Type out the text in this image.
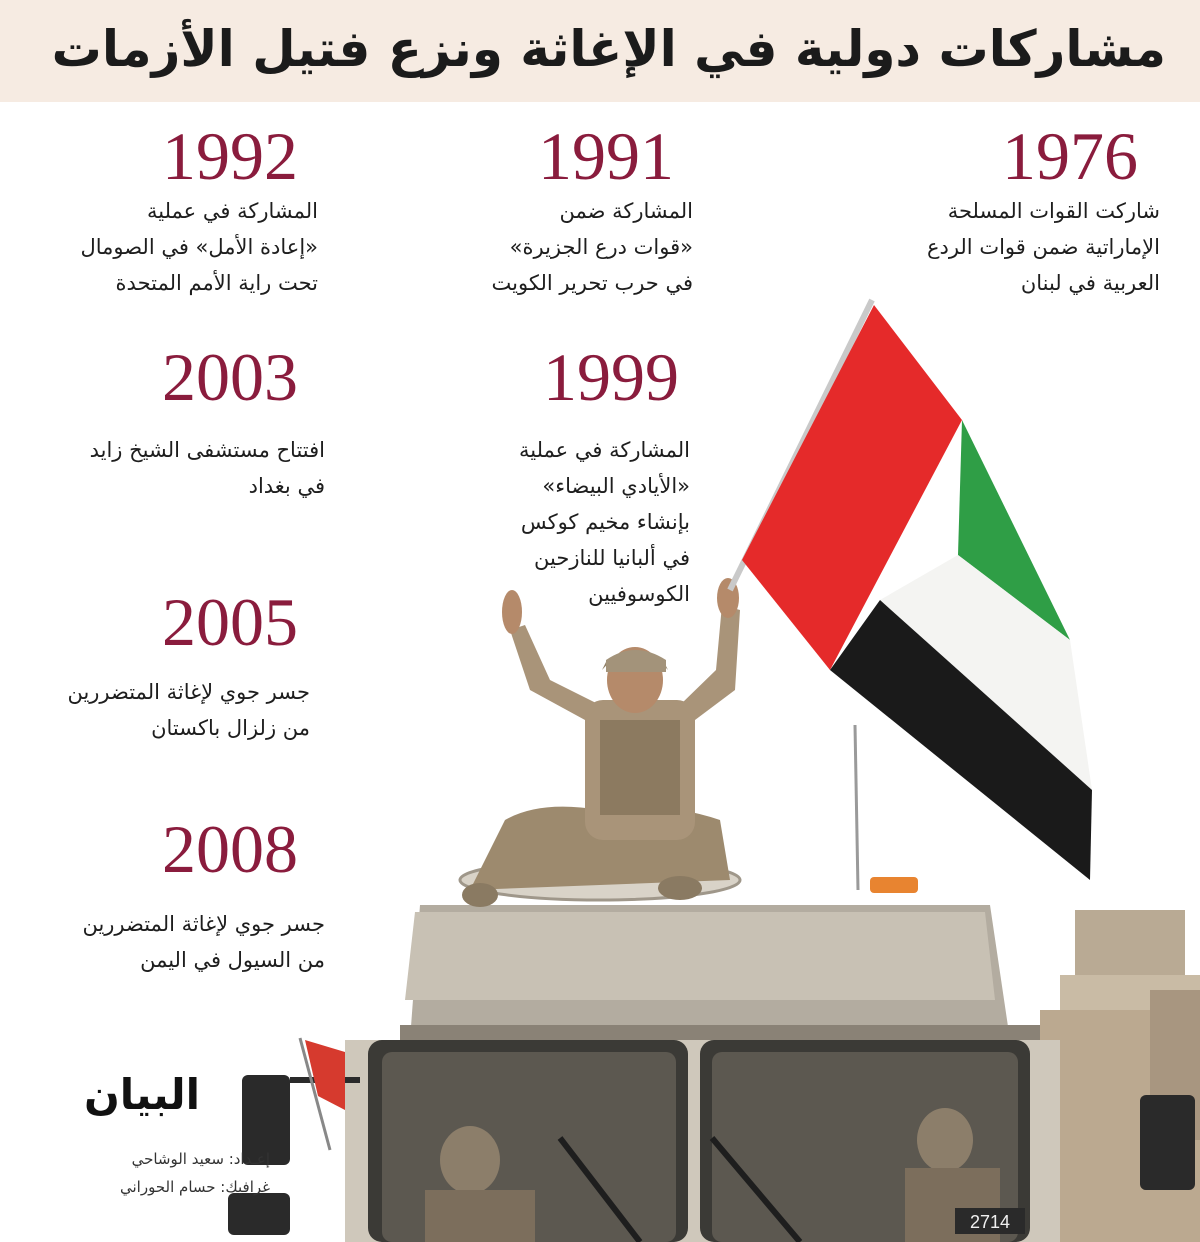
مشاركات دولية في الإغاثة ونزع فتيل الأزمات
2714
1976
1991
1992
1999
2003
2005
2008
شاركت القوات المسلحة
الإماراتية ضمن قوات الردع
العربية في لبنان
المشاركة ضمن
«قوات درع الجزيرة»
في حرب تحرير الكويت
المشاركة في عملية
«إعادة الأمل» في الصومال
تحت راية الأمم المتحدة
المشاركة في عملية
«الأيادي البيضاء»
بإنشاء مخيم كوكس
في ألبانيا للنازحين
الكوسوفيين
افتتاح مستشفى الشيخ زايد
في بغداد
جسر جوي لإغاثة المتضررين
من زلزال باكستان
جسر جوي لإغاثة المتضررين
من السيول في اليمن
البيان
إعـداد: سعيد الوشاحي
غرافيك: حسام الحوراني
